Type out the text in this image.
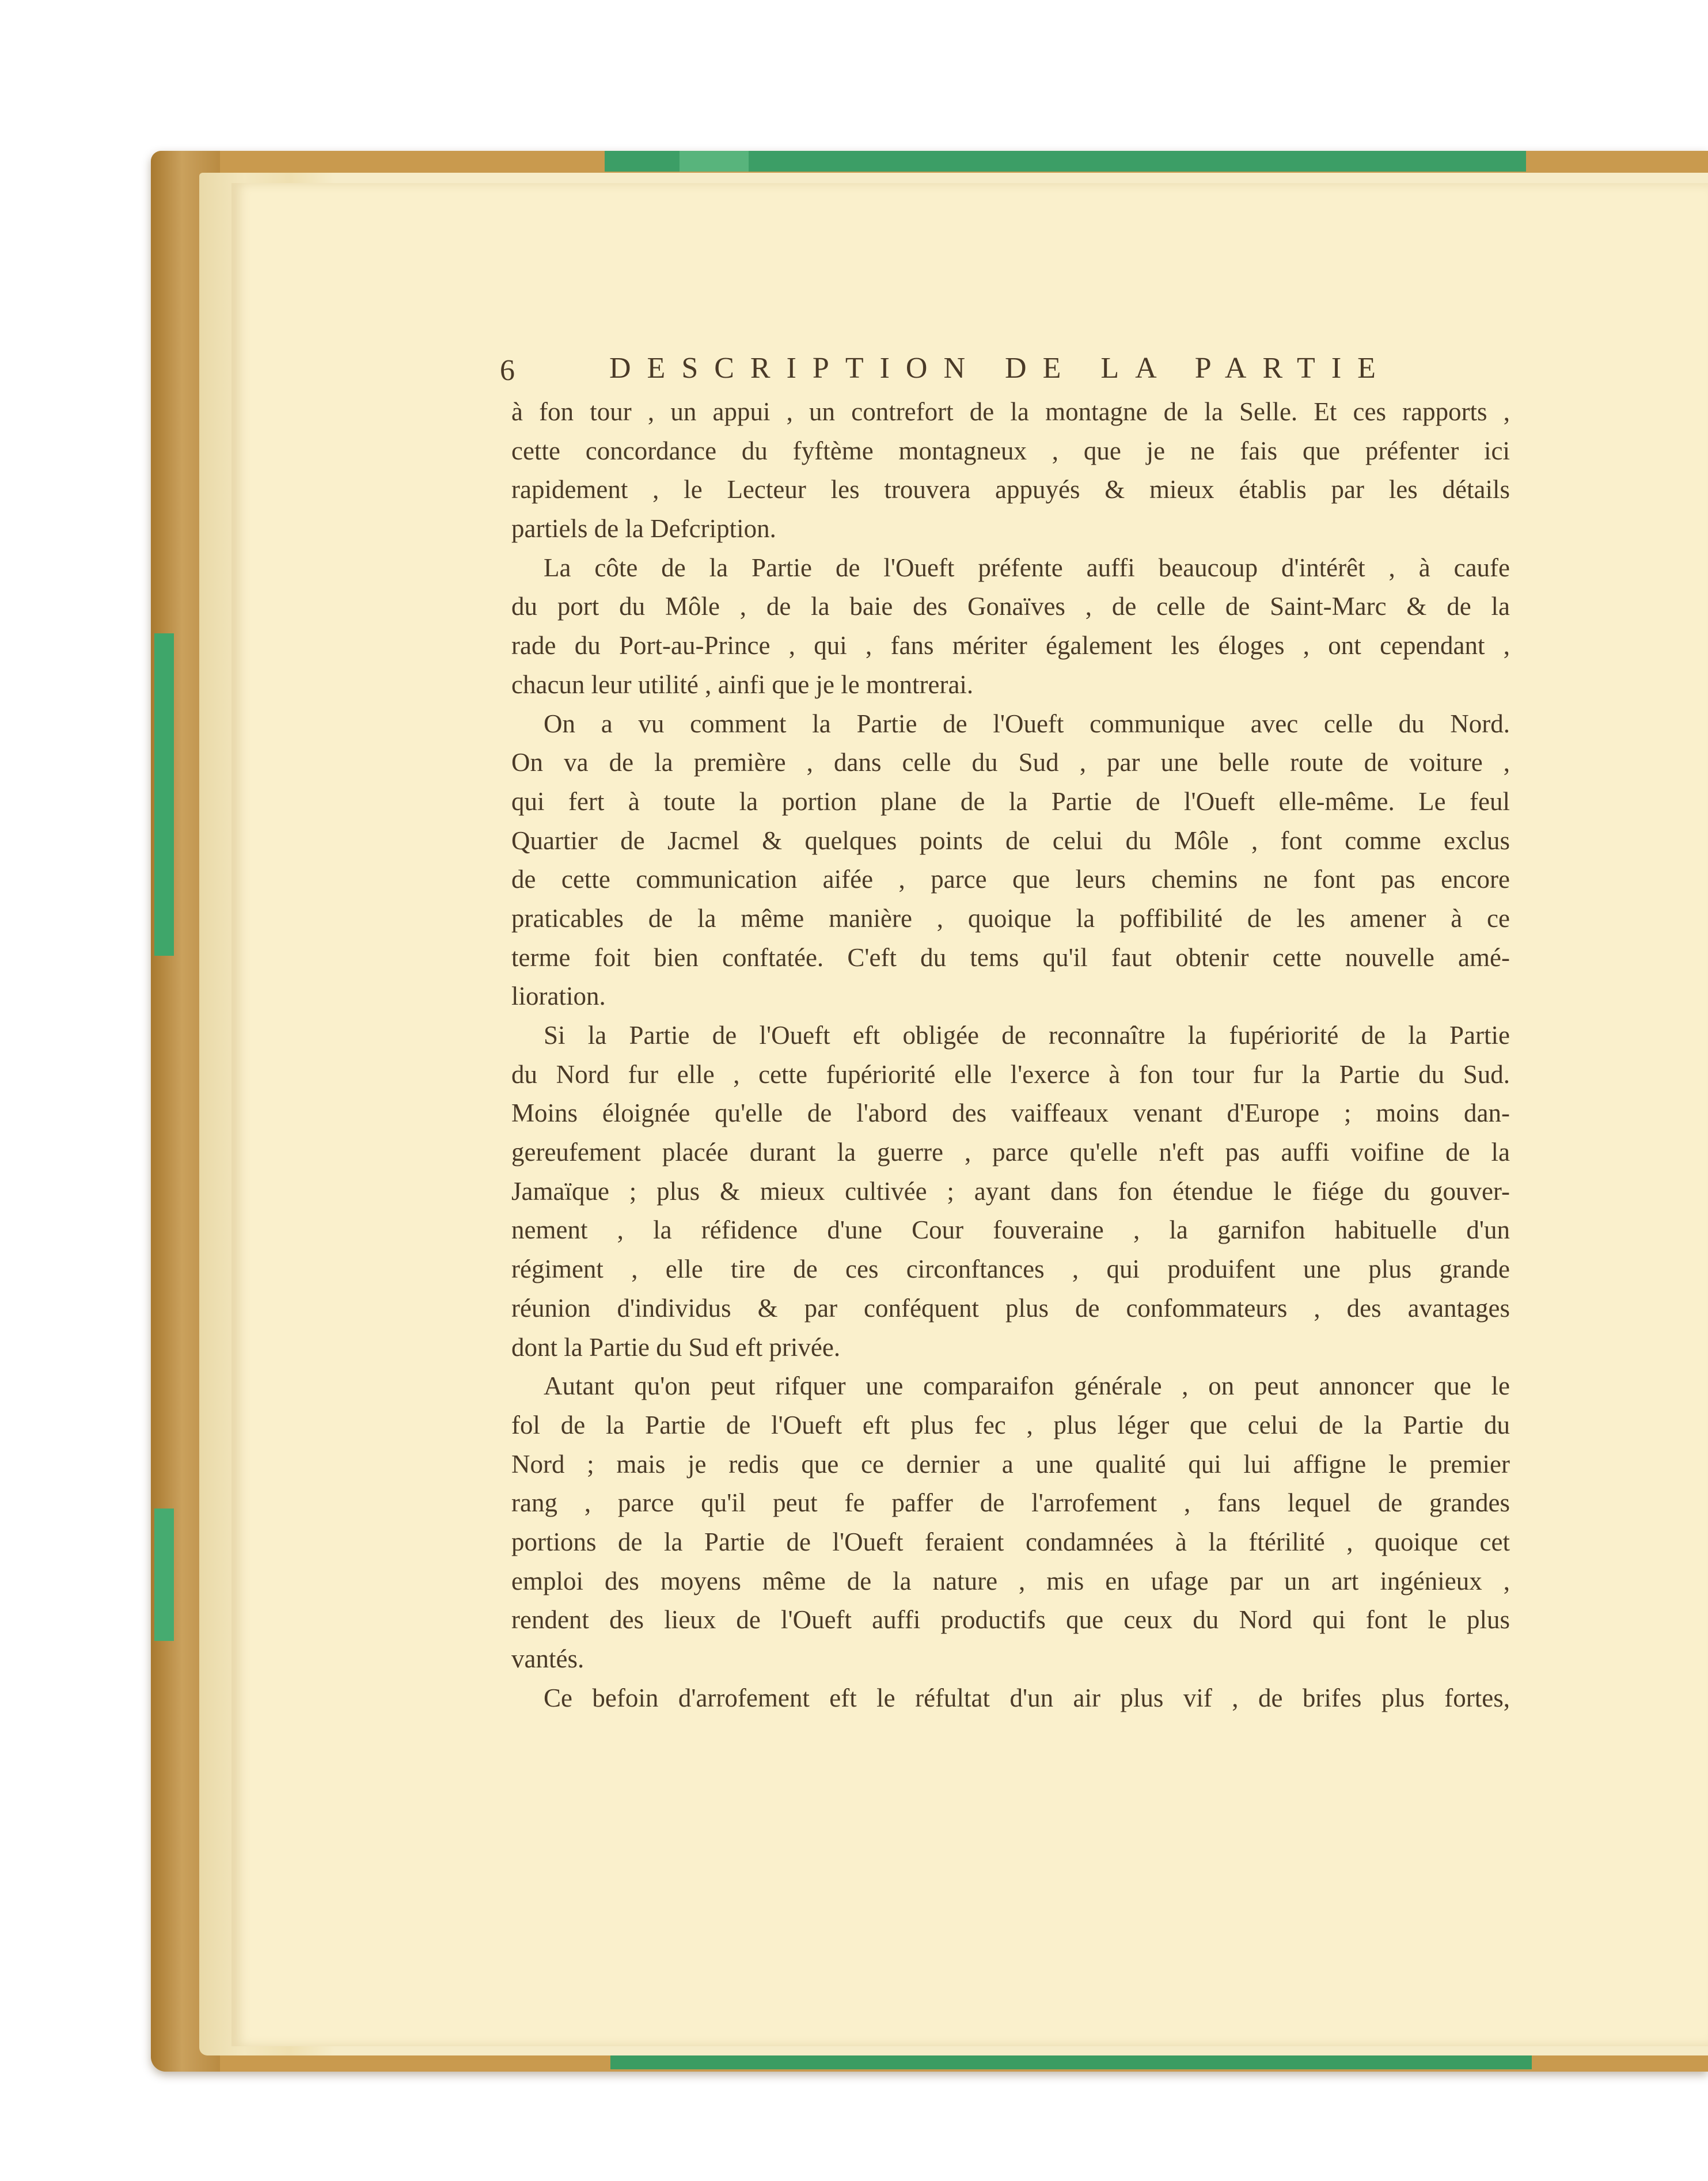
6	DESCRIPTION DE LA PARTIE
à fon tour , un appui , un contrefort de la montagne de la Selle. Et ces rapports ,
cette concordance du fyftème montagneux , que je ne fais que préfenter ici
rapidement , le Lecteur les trouvera appuyés & mieux établis par les détails
partiels de la Defcription.
La côte de la Partie de l'Oueft préfente auffi beaucoup d'intérêt , à caufe
du port du Môle , de la baie des Gonaïves , de celle de Saint-Marc & de la
rade du Port-au-Prince , qui , fans mériter également les éloges , ont cependant ,
chacun leur utilité , ainfi que je le montrerai.
On a vu comment la Partie de l'Oueft communique avec celle du Nord.
On va de la première , dans celle du Sud , par une belle route de voiture ,
qui fert à toute la portion plane de la Partie de l'Oueft elle-même. Le feul
Quartier de Jacmel & quelques points de celui du Môle , font comme exclus
de cette communication aifée , parce que leurs chemins ne font pas encore
praticables de la même manière , quoique la poffibilité de les amener à ce
terme foit bien conftatée. C'eft du tems qu'il faut obtenir cette nouvelle amé-
lioration.
Si la Partie de l'Oueft eft obligée de reconnaître la fupériorité de la Partie
du Nord fur elle , cette fupériorité elle l'exerce à fon tour fur la Partie du Sud.
Moins éloignée qu'elle de l'abord des vaiffeaux venant d'Europe ; moins dan-
gereufement placée durant la guerre , parce qu'elle n'eft pas auffi voifine de la
Jamaïque ; plus & mieux cultivée ; ayant dans fon étendue le fiége du gouver-
nement , la réfidence d'une Cour fouveraine , la garnifon habituelle d'un
régiment , elle tire de ces circonftances , qui produifent une plus grande
réunion d'individus & par conféquent plus de confommateurs , des avantages
dont la Partie du Sud eft privée.
Autant qu'on peut rifquer une comparaifon générale , on peut annoncer que le
fol de la Partie de l'Oueft eft plus fec , plus léger que celui de la Partie du
Nord ; mais je redis que ce dernier a une qualité qui lui affigne le premier
rang , parce qu'il peut fe paffer de l'arrofement , fans lequel de grandes
portions de la Partie de l'Oueft feraient condamnées à la ftérilité , quoique cet
emploi des moyens même de la nature , mis en ufage par un art ingénieux ,
rendent des lieux de l'Oueft auffi productifs que ceux du Nord qui font le plus
vantés.
Ce befoin d'arrofement eft le réfultat d'un air plus vif , de brifes plus fortes,
